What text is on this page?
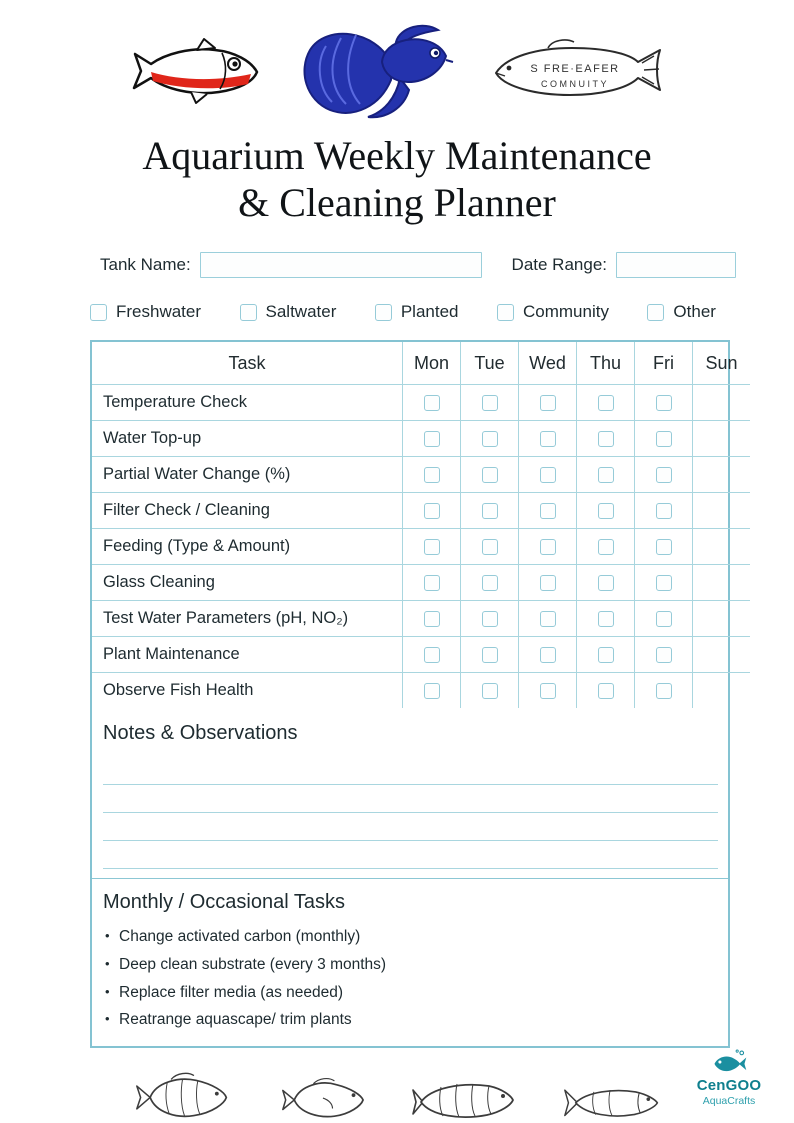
S FRE·EAFER
COMNUITY
Aquarium Weekly Maintenance
& Cleaning Planner
Tank Name:	Date Range:
Freshwater	Saltwater	Planted	Community	Other
Task	Mon	Tue	Wed	Thu	Fri	Sun
Temperature Check						
Water Top-up						
Partial Water Change (%)						
Filter Check / Cleaning						
Feeding (Type & Amount)						
Glass Cleaning						
Test Water Parameters (pH, NO₂)						
Plant Maintenance						
Observe Fish Health						
Notes & Observations
Monthly / Occasional Tasks
• Change activated carbon (monthly)
• Deep clean substrate (every 3 months)
• Replace filter media (as needed)
• Reatrange aquascape/ trim plants
CenGOO
AquaCrafts
